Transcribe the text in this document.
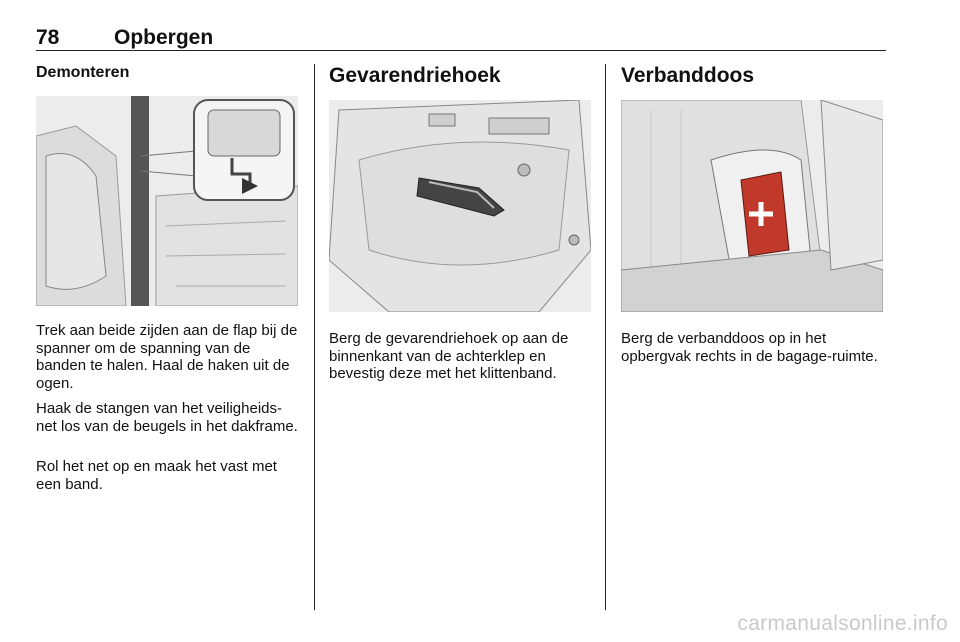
78	Opbergen
Demonteren

Trek aan beide zijden aan de flap bij de spanner om de spanning van de banden te halen. Haal de haken uit de ogen.

Haak de stangen van het veiligheids-net los van de beugels in het dakframe.

Rol het net op en maak het vast met een band.

Gevarendriehoek

Berg de gevarendriehoek op aan de binnenkant van de achterklep en bevestig deze met het klittenband.

Verbanddoos

Berg de verbanddoos op in het opbergvak rechts in de bagage-ruimte.

carmanualsonline.info
